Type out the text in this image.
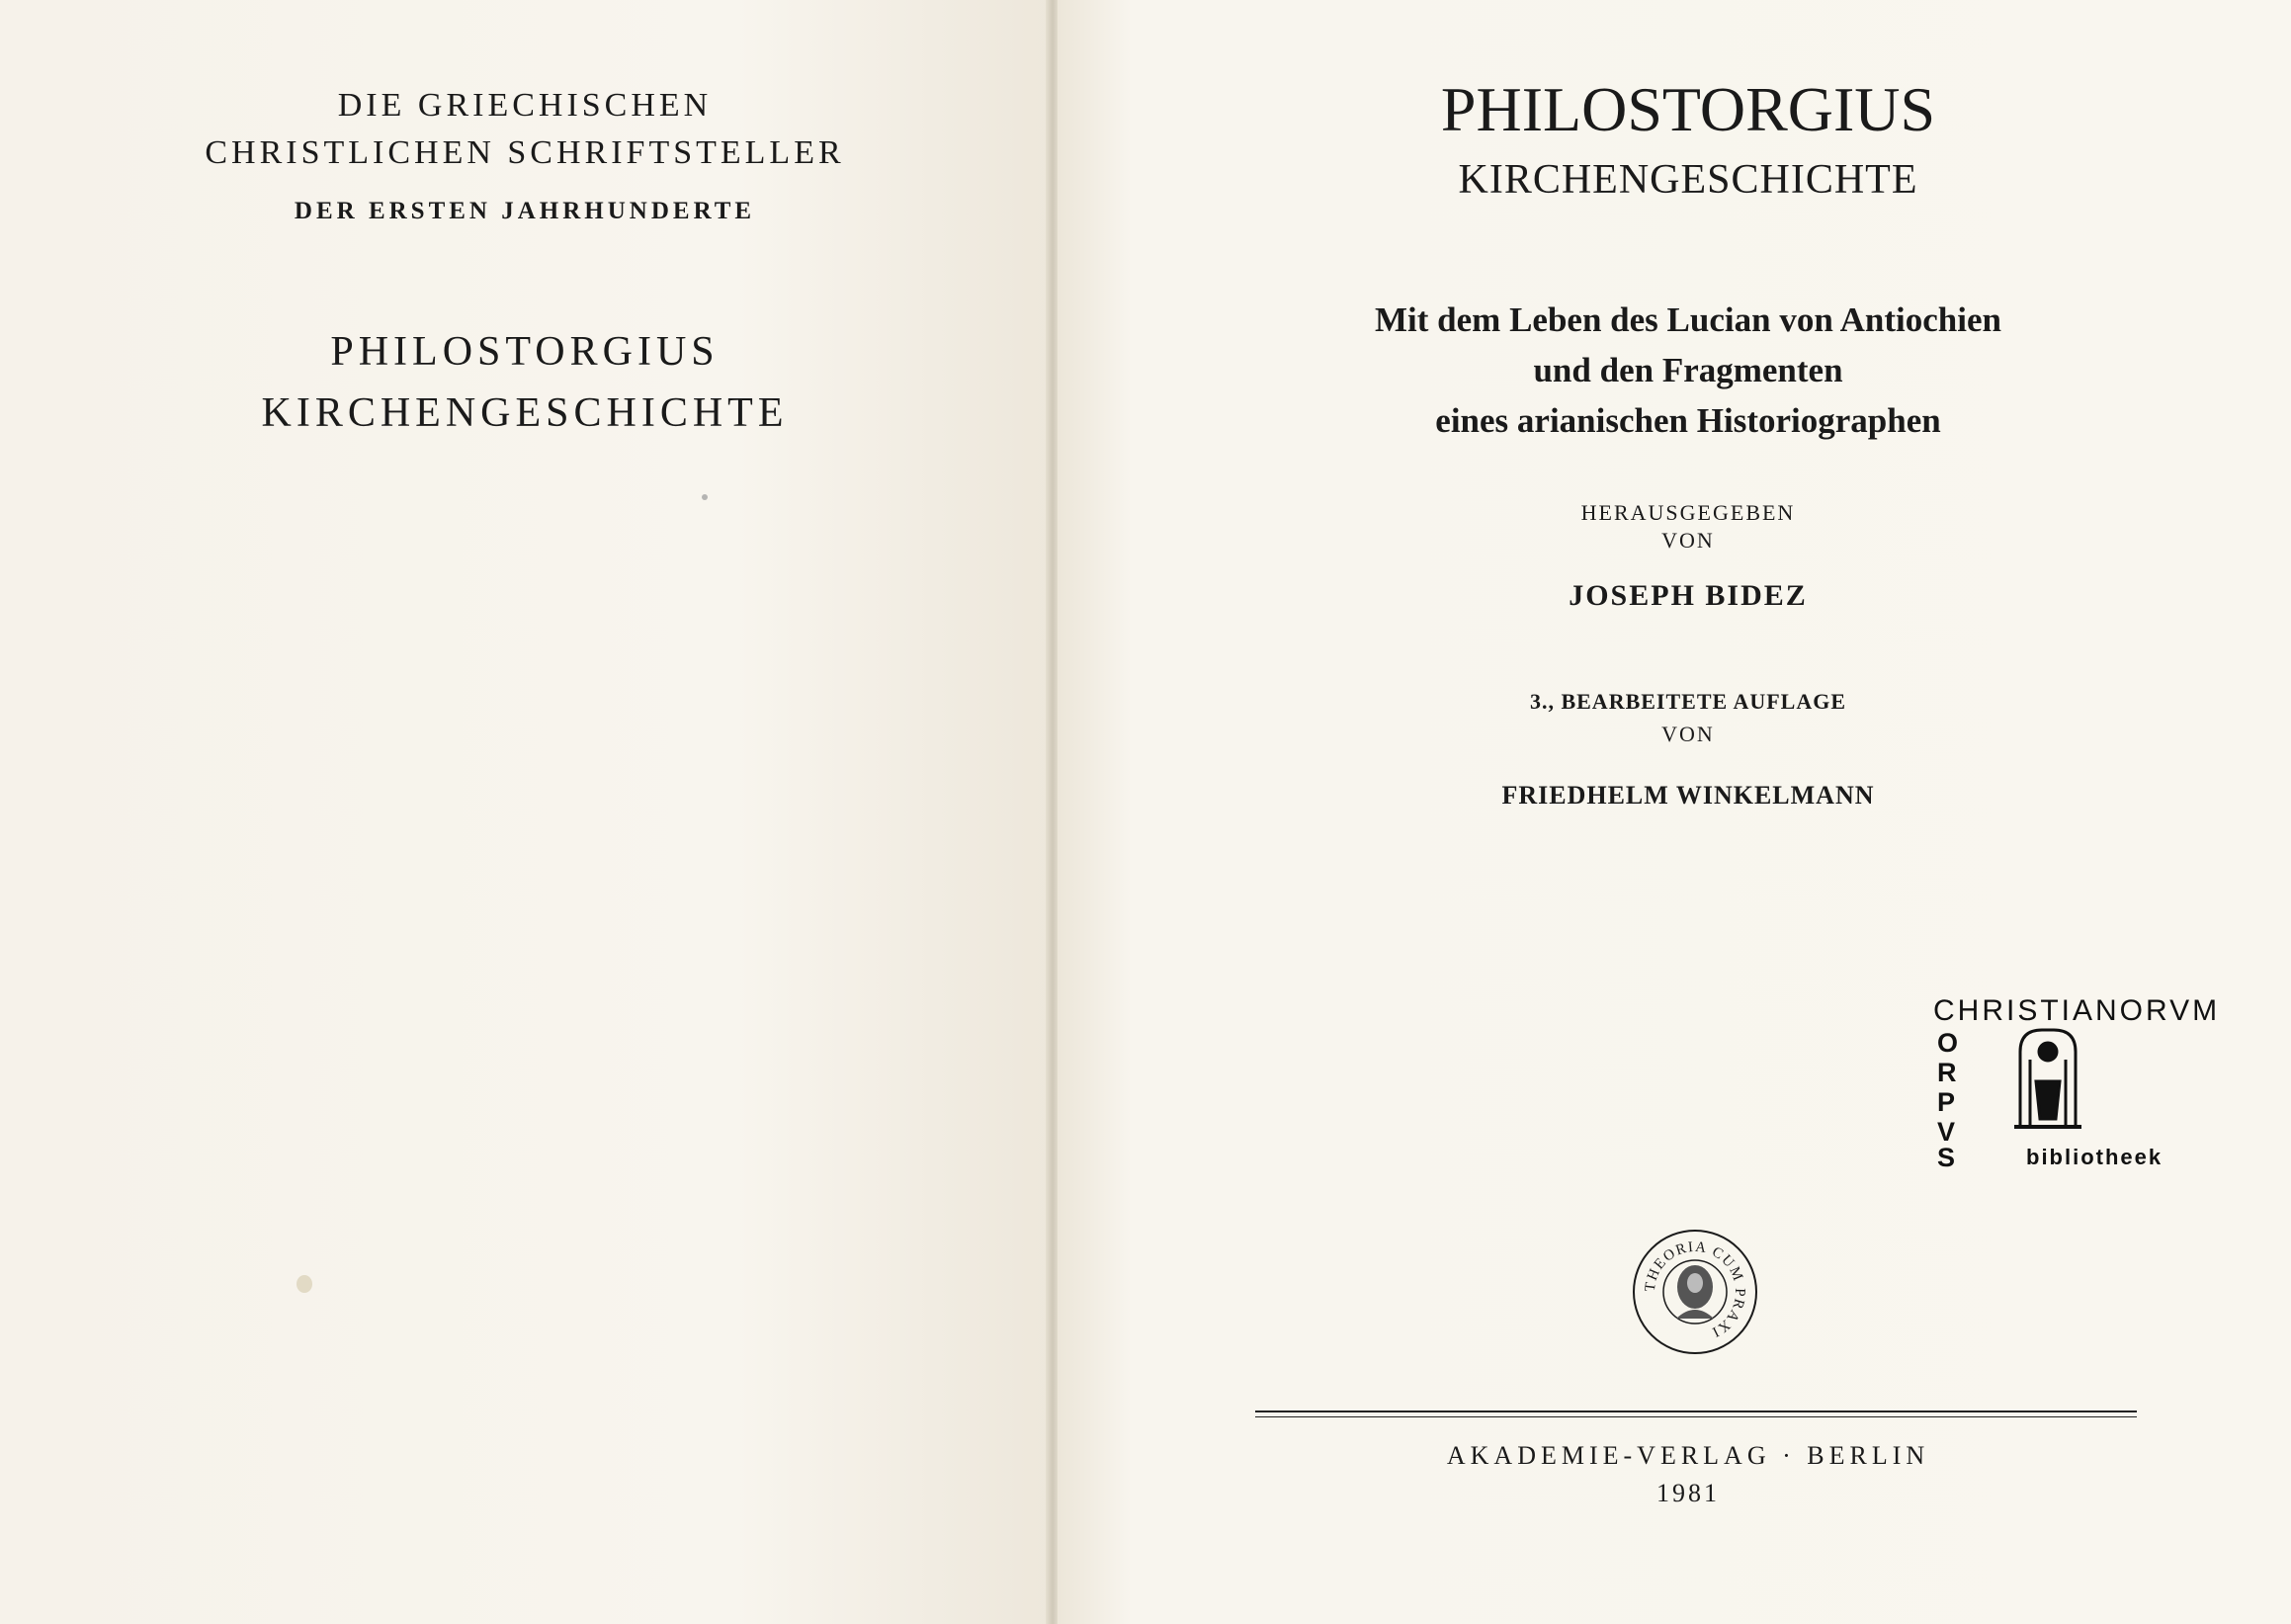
DIE GRIECHISCHEN
CHRISTLICHEN SCHRIFTSTELLER
DER ERSTEN JAHRHUNDERTE
PHILOSTORGIUS
KIRCHENGESCHICHTE
PHILOSTORGIUS
KIRCHENGESCHICHTE
Mit dem Leben des Lucian von Antiochien
und den Fragmenten
eines arianischen Historiographen
HERAUSGEGEBEN
VON
JOSEPH BIDEZ
3., BEARBEITETE AUFLAGE
VON
FRIEDHELM WINKELMANN
CHRISTIANORVM
O
R
P
V
S	bibliotheek
THEORIA CUM PRAXI
AKADEMIE-VERLAG · BERLIN
1981
